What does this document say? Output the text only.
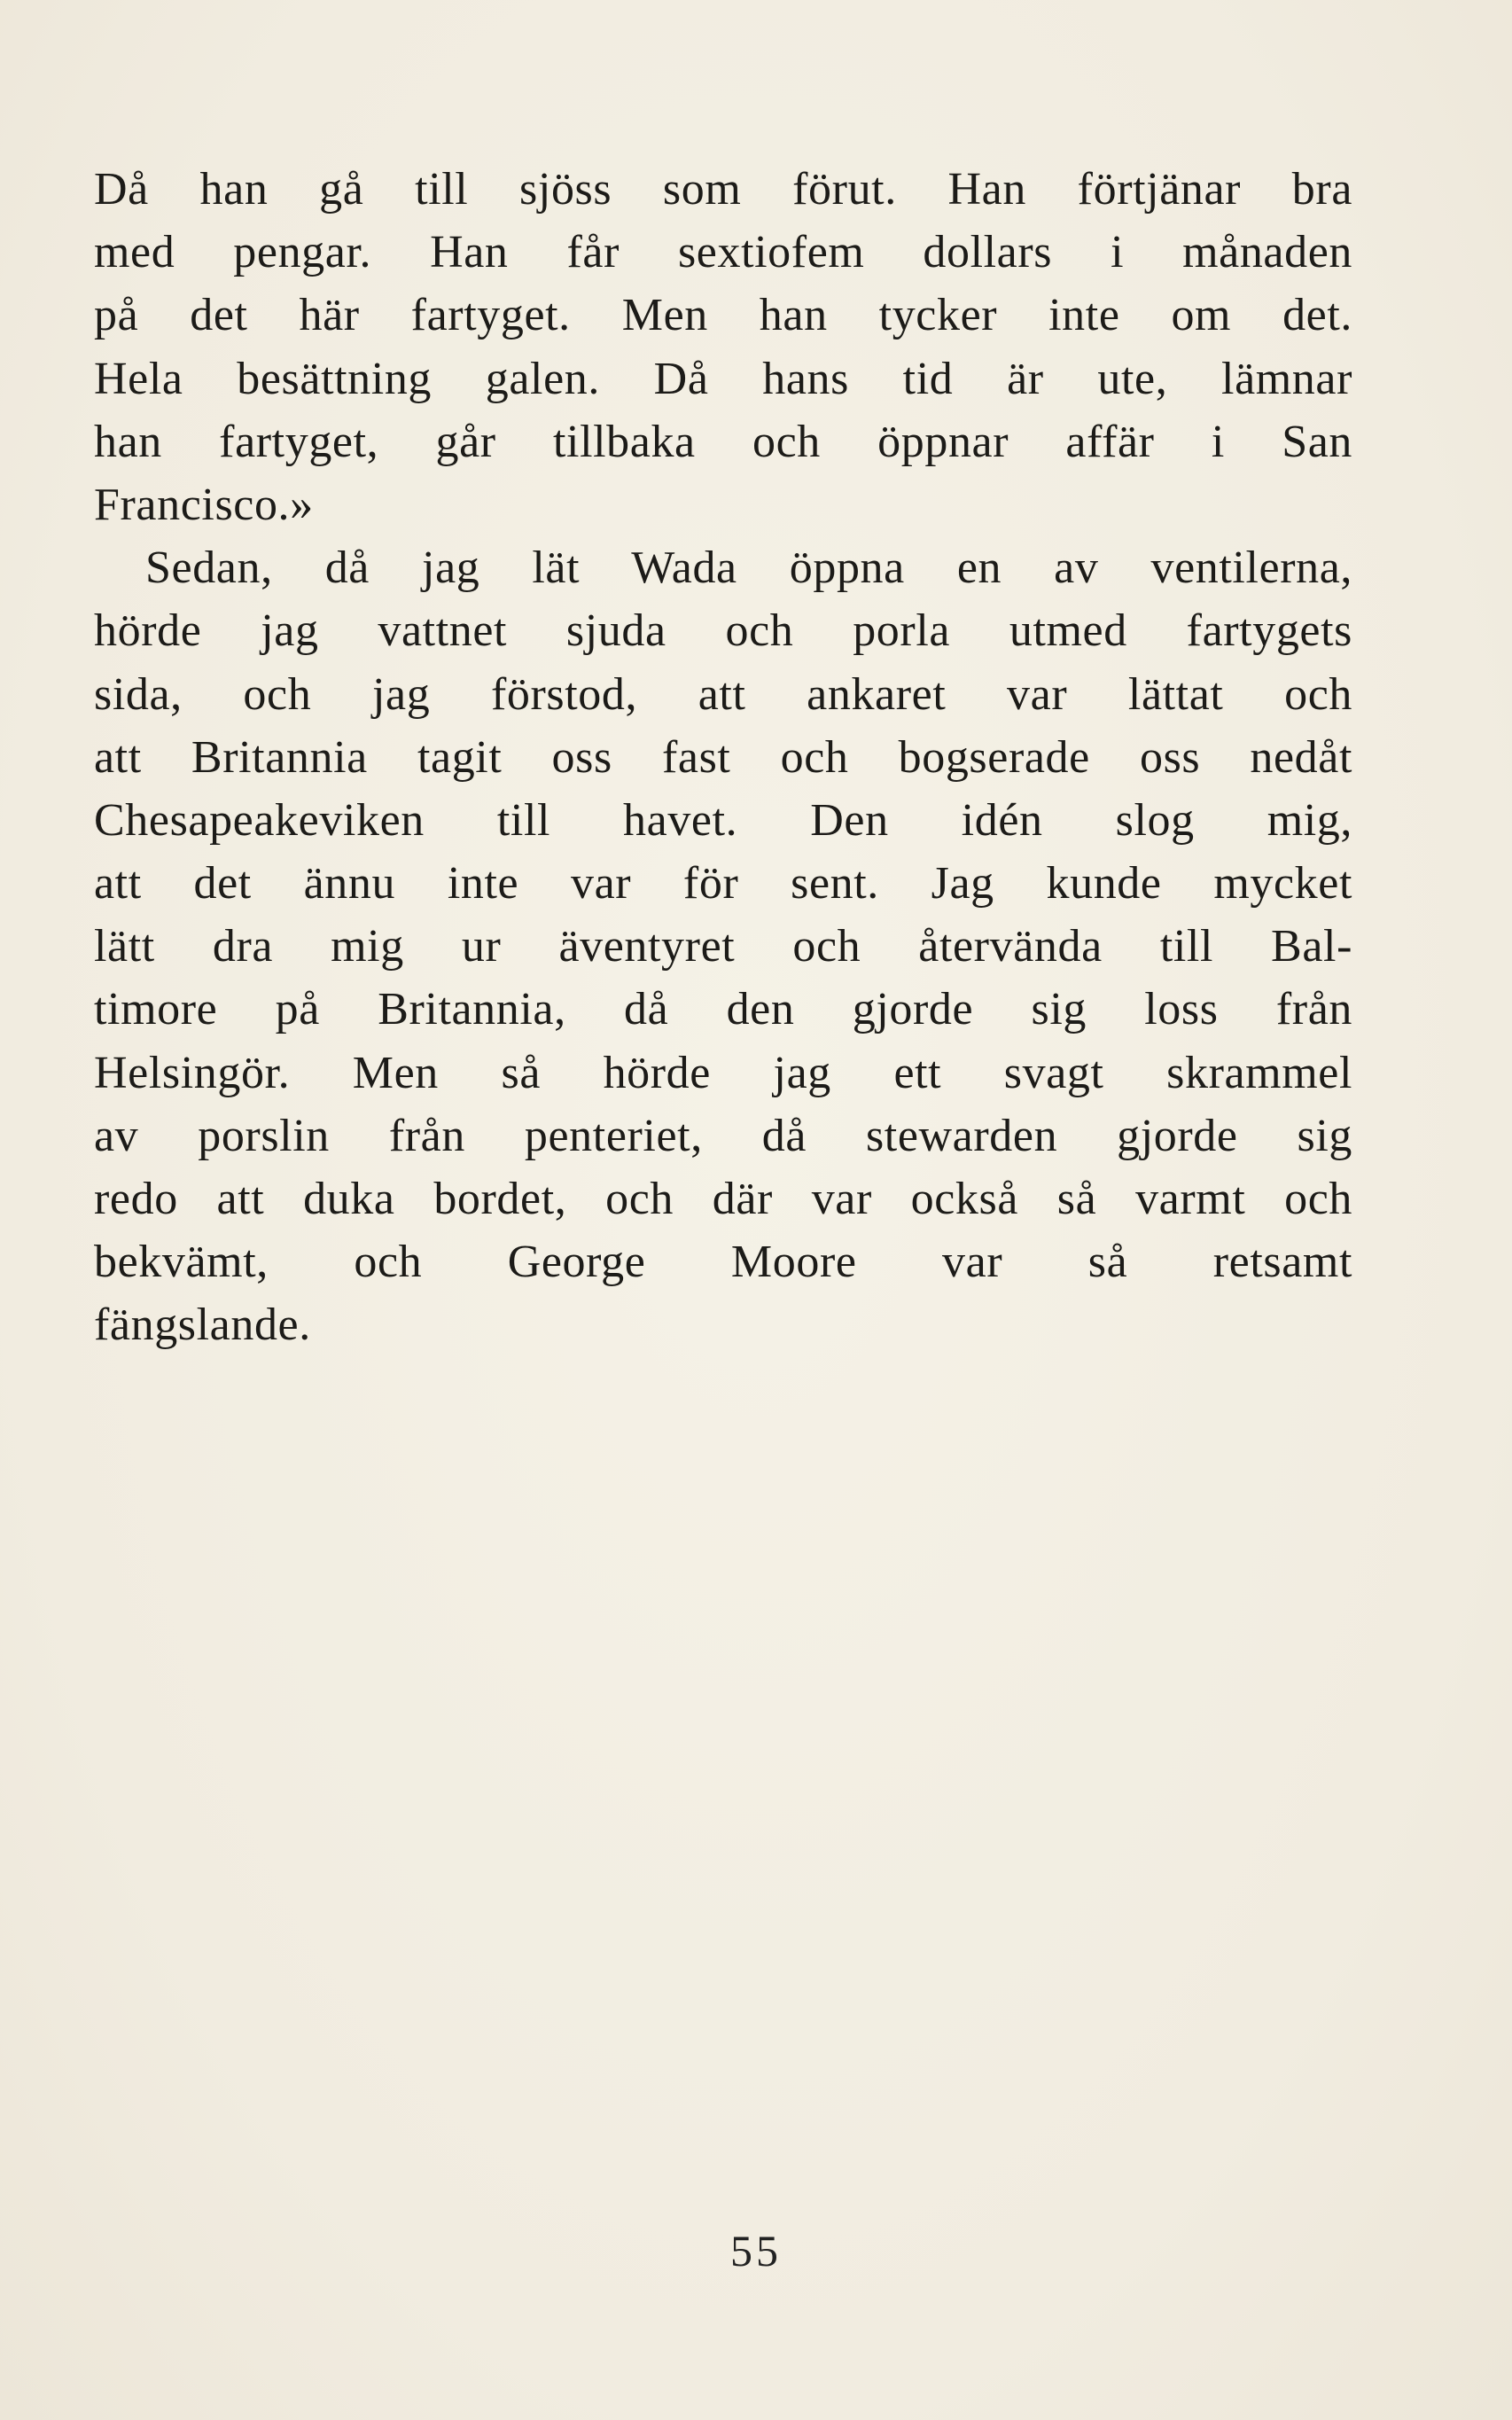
Då han gå till sjöss som förut. Han förtjänar bra
med pengar. Han får sextiofem dollars i månaden
på det här fartyget. Men han tycker inte om det.
Hela besättning galen. Då hans tid är ute, lämnar
han fartyget, går tillbaka och öppnar affär i San
Francisco.»
Sedan, då jag lät Wada öppna en av ventilerna,
hörde jag vattnet sjuda och porla utmed fartygets
sida, och jag förstod, att ankaret var lättat och
att Britannia tagit oss fast och bogserade oss nedåt
Chesapeakeviken till havet. Den idén slog mig,
att det ännu inte var för sent. Jag kunde mycket
lätt dra mig ur äventyret och återvända till Bal-
timore på Britannia, då den gjorde sig loss från
Helsingör. Men så hörde jag ett svagt skrammel
av porslin från penteriet, då stewarden gjorde sig
redo att duka bordet, och där var också så varmt och
bekvämt, och George Moore var så retsamt
fängslande.
55
